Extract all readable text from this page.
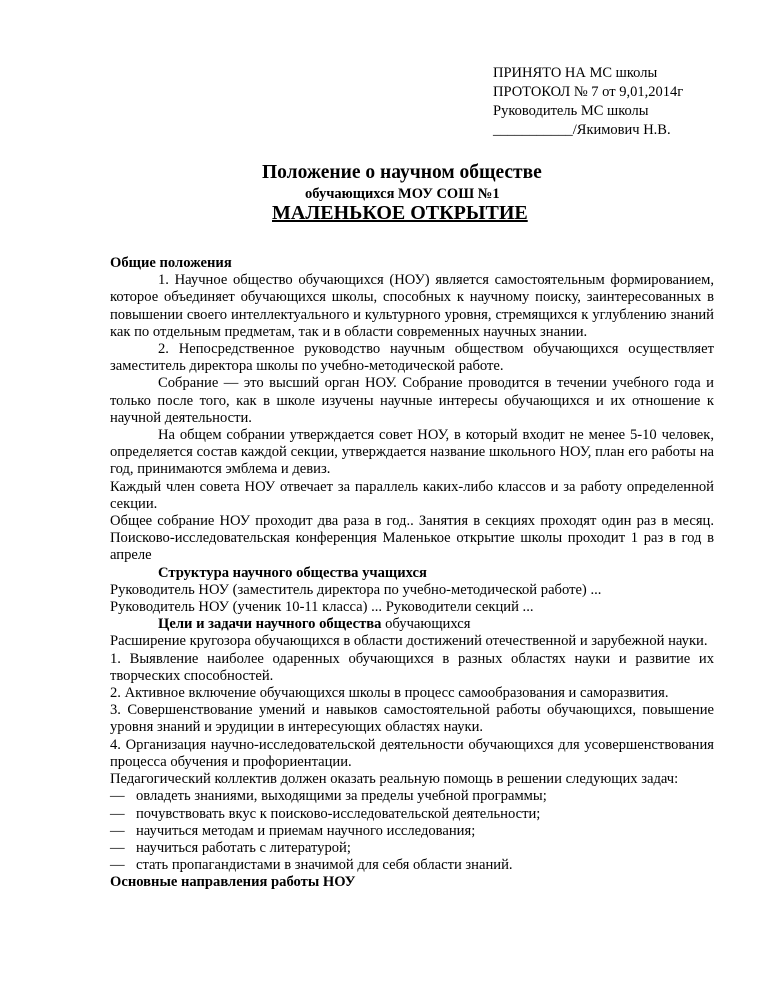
ПРИНЯТО НА МС школы
ПРОТОКОЛ № 7 от 9,01,2014г
Руководитель МС школы
___________/Якимович Н.В.
Положение о научном обществе
обучающихся МОУ СОШ №1
МАЛЕНЬКОЕ ОТКРЫТИЕ

Общие положения

1. Научное общество обучающихся (НОУ) является самостоятельным формированием, которое объединяет обучающихся школы, способных к научному поиску, заинтересованных в повышении своего интеллектуального и культурного уровня, стремящихся к углублению знаний как по отдельным предметам, так и в области современных научных знании.

2. Непосредственное руководство научным обществом обучающихся осуществляет заместитель директора школы по учебно-методической работе.

Собрание — это высший орган НОУ. Собрание проводится в течении учебного года и только после того, как в школе изучены научные интересы обучающихся и их отношение к научной деятельности.

На общем собрании утверждается совет НОУ, в который входит не менее 5-10 человек, определяется состав каждой секции, утверждается название школьного НОУ, план его работы на год, принимаются эмблема и девиз.

Каждый член совета НОУ отвечает за параллель каких-либо классов и за работу определенной секции.

Общее собрание НОУ проходит два раза в год.. Занятия в секциях проходят один раз в месяц. Поисково-исследовательская конференция Маленькое открытие школы проходит 1 раз в год в апреле

Структура научного общества учащихся

Руководитель НОУ (заместитель директора по учебно-методической работе) ...

Руководитель НОУ (ученик 10-11 класса) ... Руководители секций ...

Цели и задачи научного общества обучающихся

Расширение кругозора обучающихся в области достижений отечественной и зарубежной науки.

1. Выявление наиболее одаренных обучающихся в разных областях науки и развитие их творческих способностей.

2. Активное включение обучающихся школы в процесс самообразования и саморазвития.

3. Совершенствование умений и навыков самостоятельной работы обучающихся, повышение уровня знаний и эрудиции в интересующих областях науки.

4. Организация научно-исследовательской деятельности обучающихся для усовершенствования процесса обучения и профориентации.

Педагогический коллектив должен оказать реальную помощь в решении следующих задач:

— овладеть знаниями, выходящими за пределы учебной программы;

— почувствовать вкус к поисково-исследовательской деятельности;

— научиться методам и приемам научного исследования;

— научиться работать с литературой;

— стать пропагандистами в значимой для себя области знаний.

Основные направления работы НОУ
